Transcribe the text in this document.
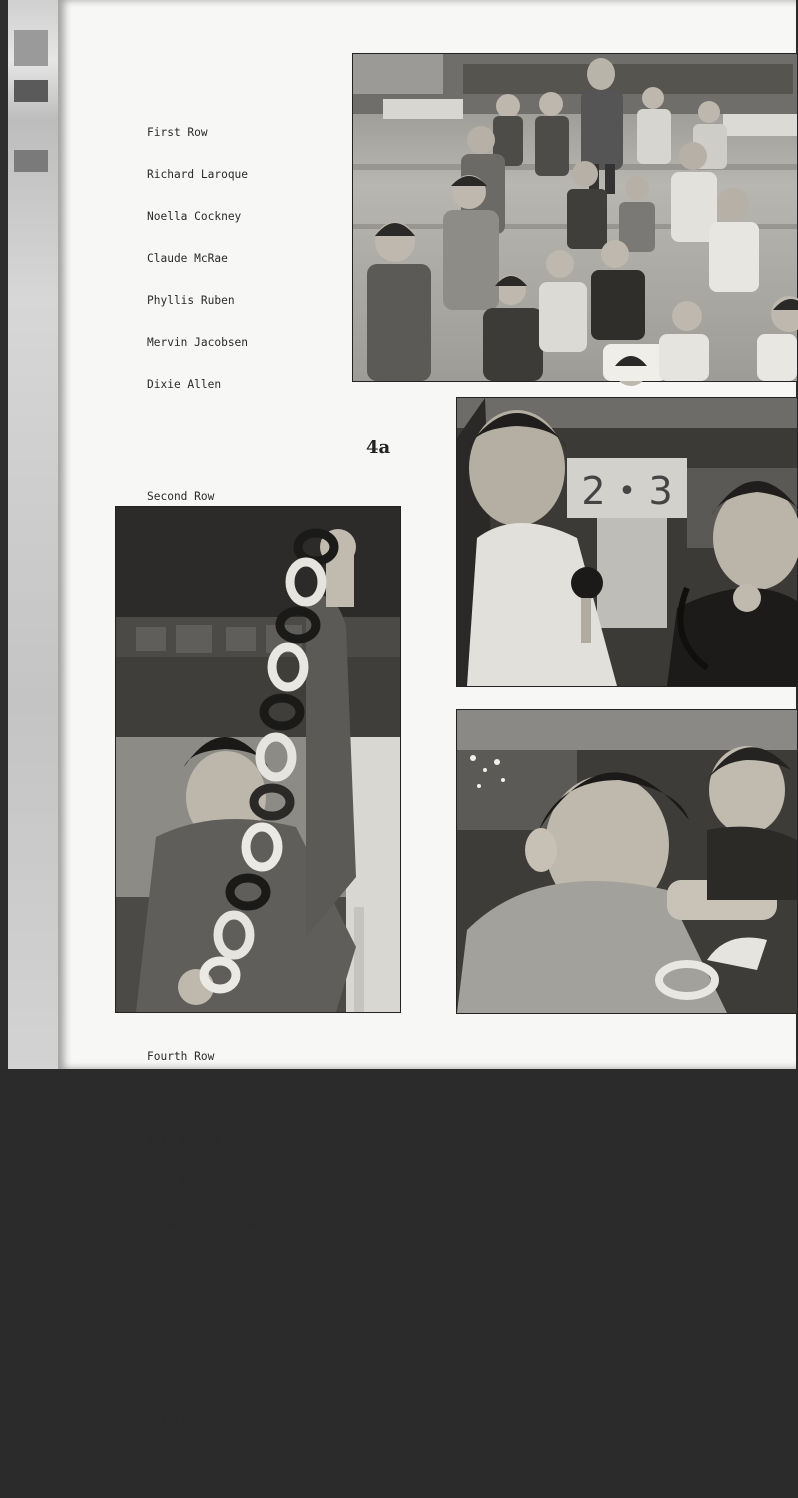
First Row

Richard Laroque

Noella Cockney

Claude McRae

Phyllis Ruben

Mervin Jacobsen

Dixie Allen

Second Row

Fourth Row

Rosemary Kwan

Gary Gordon

Mrs. Perry

Michelle Beaulieu

Ronnie Lalonde

Absent

Charlie Boudreau

4a
2 • 3
